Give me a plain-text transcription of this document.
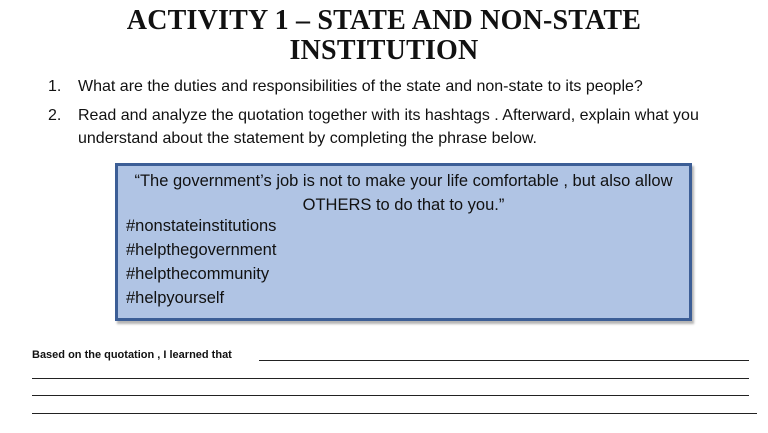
ACTIVITY 1 – STATE AND NON-STATE
INSTITUTION
1. What are the duties and responsibilities of the state and non-state to its people?
2. Read and analyze the quotation together with its hashtags . Afterward, explain what you understand about the statement by completing the phrase below.
“The government’s job is not to make your life comfortable , but also allow OTHERS to do that to you.”
#nonstateinstitutions
#helpthegovernment
#helpthecommunity
#helpyourself
Based on the quotation , I learned that
